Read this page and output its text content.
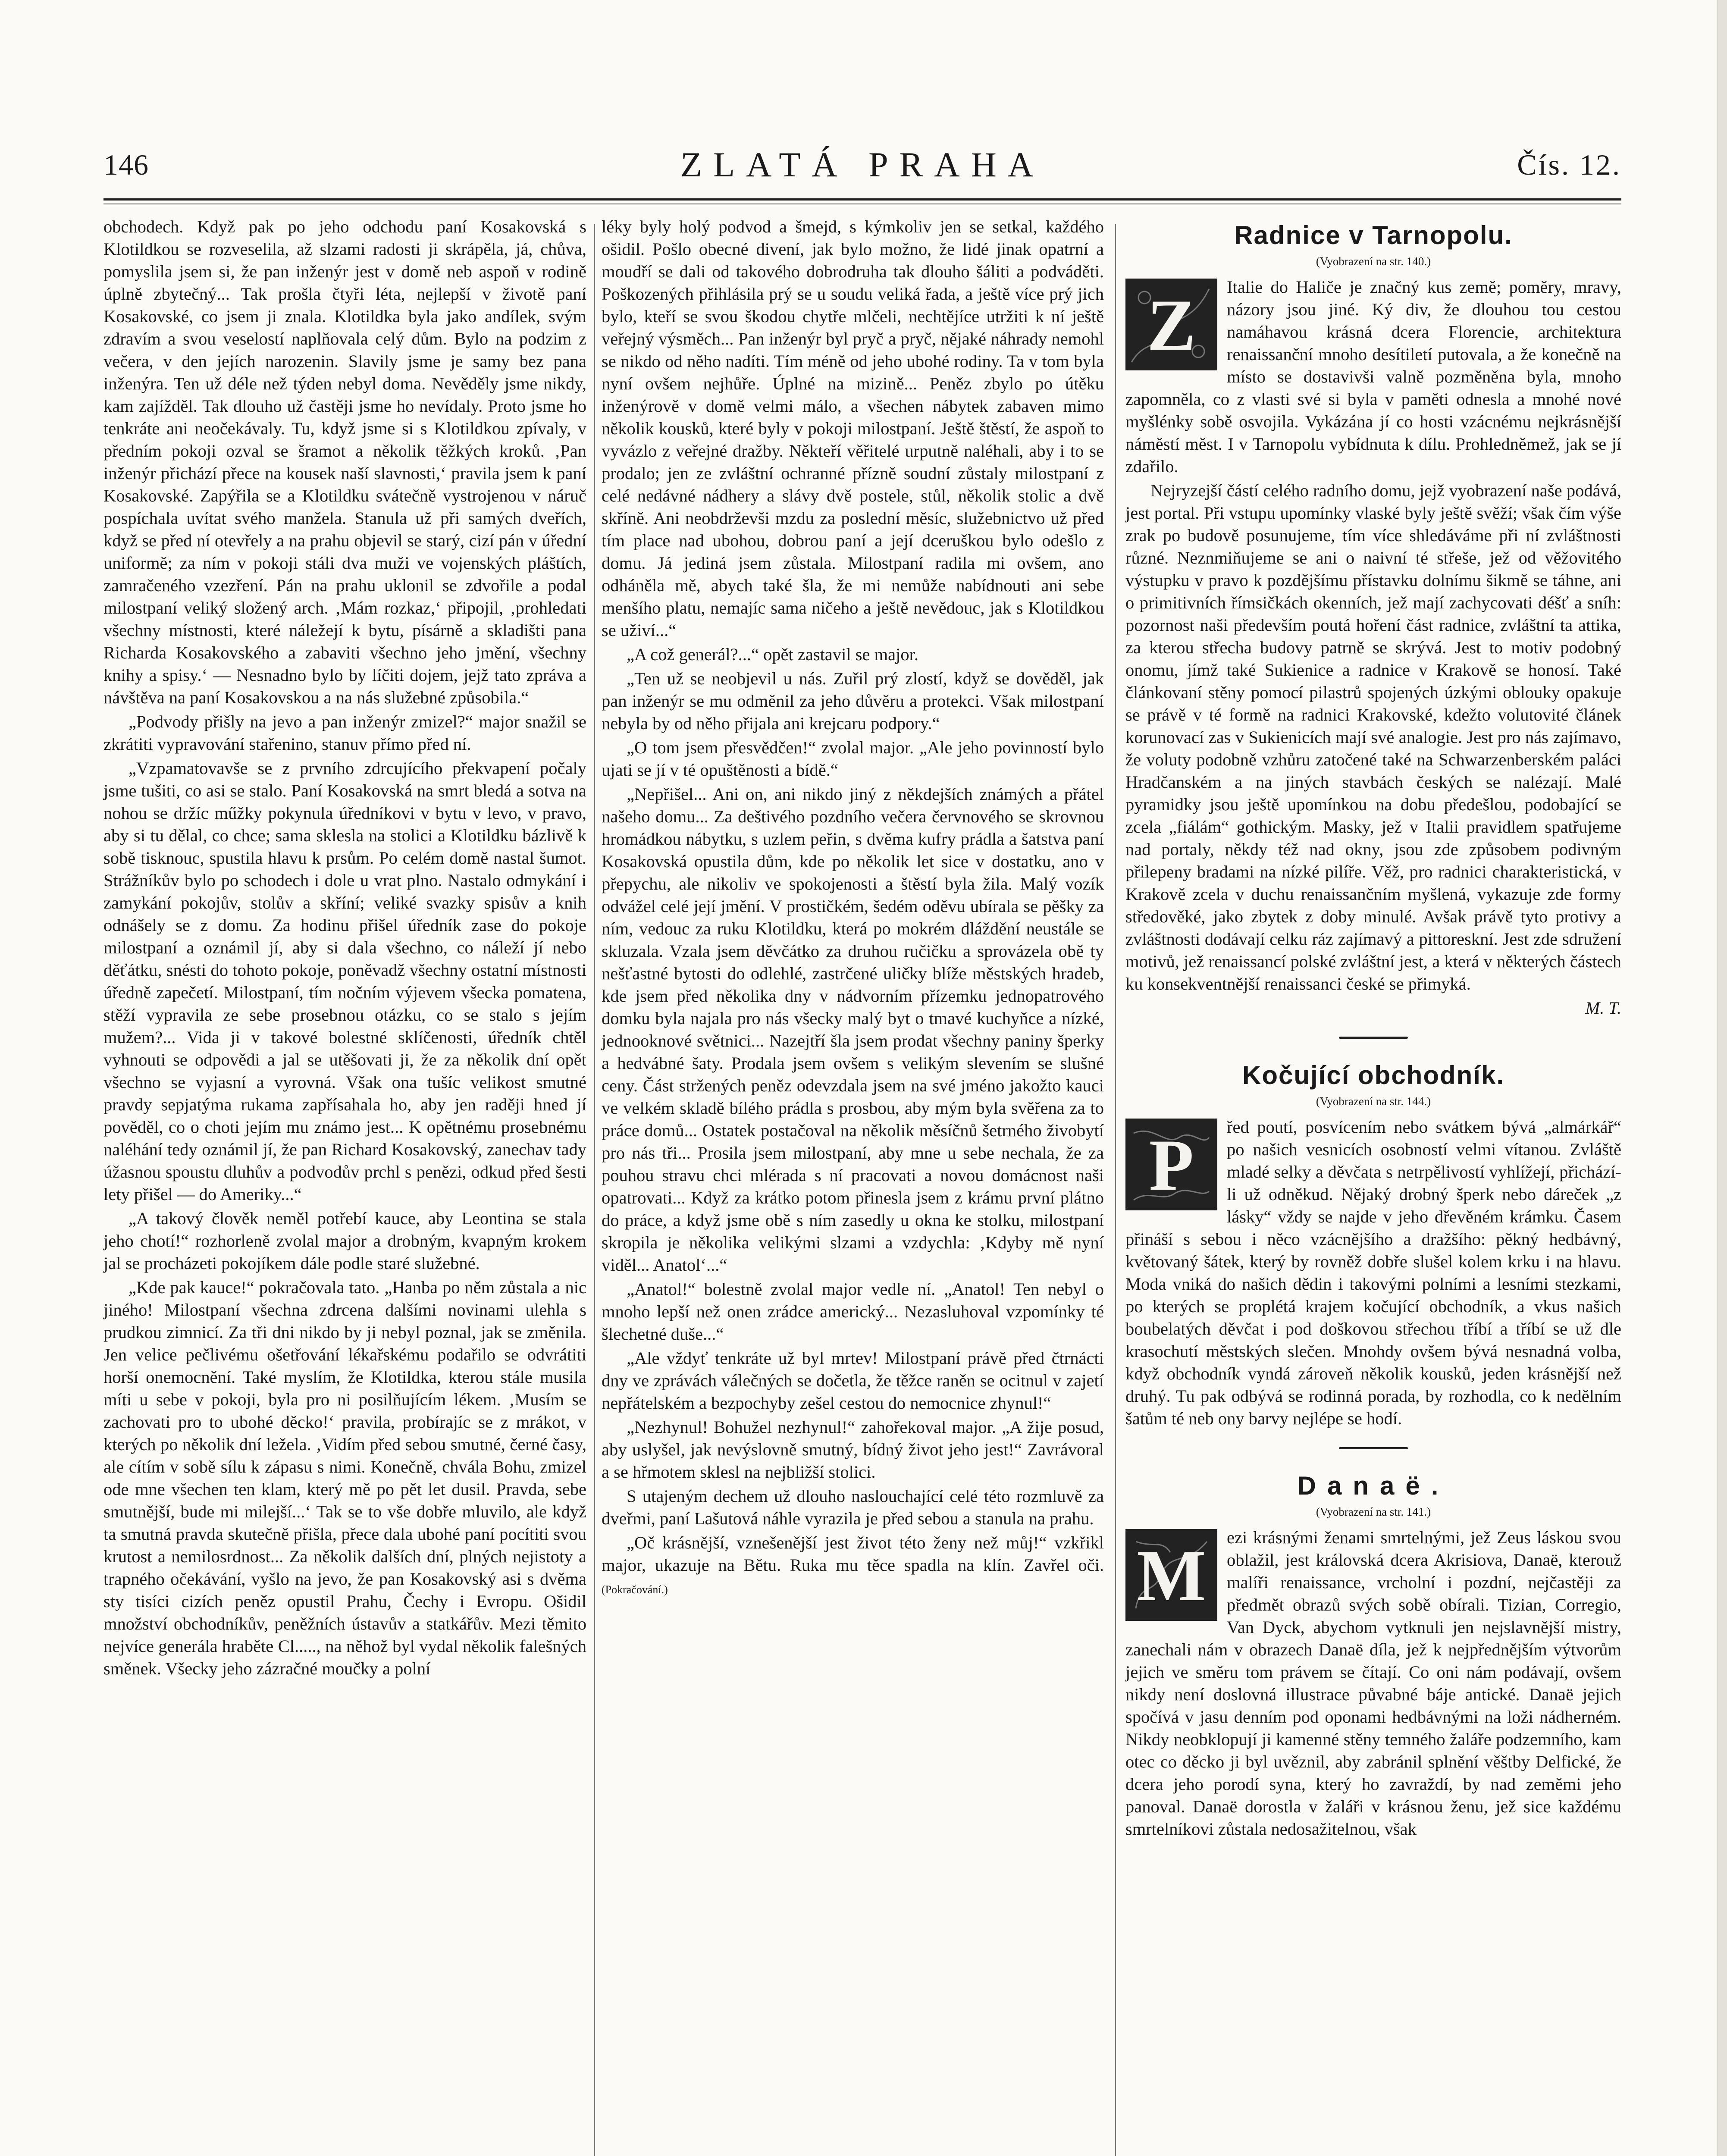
146	ZLATÁ PRAHA	Čís. 12.

obchodech. Když pak po jeho odchodu paní Kosakovská s Klotildkou se rozveselila, až slzami radosti ji skrápěla, já, chůva, pomyslila jsem si, že pan inženýr jest v domě neb aspoň v rodině úplně zbytečný... Tak prošla čtyři léta, nejlepší v životě paní Kosakovské, co jsem ji znala. Klotildka byla jako andílek, svým zdravím a svou veselostí naplňovala celý dům. Bylo na podzim z večera, v den jejích narozenin. Slavily jsme je samy bez pana inženýra. Ten už déle než týden nebyl doma. Nevěděly jsme nikdy, kam zajížděl. Tak dlouho už častěji jsme ho nevídaly. Proto jsme ho tenkráte ani neočekávaly. Tu, když jsme si s Klotildkou zpívaly, v předním pokoji ozval se šramot a několik těžkých kroků. ‚Pan inženýr přichází přece na kousek naší slavnosti,‘ pravila jsem k paní Kosakovské. Zapýřila se a Klotildku svátečně vystrojenou v náruč pospíchala uvítat svého manžela. Stanula už při samých dveřích, když se před ní otevřely a na prahu objevil se starý, cizí pán v úřední uniformě; za ním v pokoji stáli dva muži ve vojenských pláštích, zamračeného vzezření. Pán na prahu uklonil se zdvořile a podal milostpaní veliký složený arch. ‚Mám rozkaz,‘ připojil, ‚prohledati všechny místnosti, které náležejí k bytu, písárně a skladišti pana Richarda Kosakovského a zabaviti všechno jeho jmění, všechny knihy a spisy.‘ — Nesnadno bylo by líčiti dojem, jejž tato zpráva a návštěva na paní Kosakovskou a na nás služebné způsobila.“

„Podvody přišly na jevo a pan inženýr zmizel?“ major snažil se zkrátiti vypravování stařenino, stanuv přímo před ní.

„Vzpamatovavše se z prvního zdrcujícího překvapení počaly jsme tušiti, co asi se stalo. Paní Kosakovská na smrt bledá a sotva na nohou se držíc műžky pokynula úředníkovi v bytu v levo, v pravo, aby si tu dělal, co chce; sama sklesla na stolici a Klotildku bázlivě k sobě tisknouc, spustila hlavu k prsům. Po celém domě nastal šumot. Strážníkův bylo po schodech i dole u vrat plno. Nastalo odmykání i zamykání pokojův, stolův a skříní; veliké svazky spisův a knih odnášely se z domu. Za hodinu přišel úředník zase do pokoje milostpaní a oznámil jí, aby si dala všechno, co náleží jí nebo děťátku, snésti do tohoto pokoje, poněvadž všechny ostatní místnosti úředně zapečetí. Milostpaní, tím nočním výjevem všecka pomatena, stěží vypravila ze sebe prosebnou otázku, co se stalo s jejím mužem?... Vida ji v takové bolestné sklíčenosti, úředník chtěl vyhnouti se odpovědi a jal se utěšovati ji, že za několik dní opět všechno se vyjasní a vyrovná. Však ona tušíc velikost smutné pravdy sepjatýma rukama zapřísahala ho, aby jen raději hned jí pověděl, co o choti jejím mu známo jest... K opětnému prosebnému naléhání tedy oznámil jí, že pan Richard Kosakovský, zanechav tady úžasnou spoustu dluhův a podvodův prchl s penězi, odkud před šesti lety přišel — do Ameriky...“

„A takový člověk neměl potřebí kauce, aby Leontina se stala jeho chotí!“ rozhorleně zvolal major a drobným, kvapným krokem jal se procházeti pokojíkem dále podle staré služebné.

„Kde pak kauce!“ pokračovala tato. „Hanba po něm zůstala a nic jiného! Milostpaní všechna zdrcena dalšími novinami ulehla s prudkou zimnicí. Za tři dni nikdo by ji nebyl poznal, jak se změnila. Jen velice pečlivému ošetřování lékařskému podařilo se odvrátiti horší onemocnění. Také myslím, že Klotildka, kterou stále musila míti u sebe v pokoji, byla pro ni posilňujícím lékem. ‚Musím se zachovati pro to ubohé děcko!‘ pravila, probírajíc se z mrákot, v kterých po několik dní ležela. ‚Vidím před sebou smutné, černé časy, ale cítím v sobě sílu k zápasu s nimi. Konečně, chvála Bohu, zmizel ode mne všechen ten klam, který mě po pět let dusil. Pravda, sebe smutnější, bude mi milejší...‘ Tak se to vše dobře mluvilo, ale když ta smutná pravda skutečně přišla, přece dala ubohé paní pocítiti svou krutost a nemilosrdnost... Za několik dalších dní, plných nejistoty a trapného očekávání, vyšlo na jevo, že pan Kosakovský asi s dvěma sty tisíci cizích peněz opustil Prahu, Čechy i Evropu. Ošidil množství obchodníkův, peněžních ústavův a statkářův. Mezi těmito nejvíce generála hraběte Cl....., na něhož byl vydal několik falešných směnek. Všecky jeho zázračné moučky a polní

léky byly holý podvod a šmejd, s kýmkoliv jen se setkal, každého ošidil. Pošlo obecné divení, jak bylo možno, že lidé jinak opatrní a moudří se dali od takového dobrodruha tak dlouho šáliti a podváděti. Poškozených přihlásila prý se u soudu veliká řada, a ještě více prý jich bylo, kteří se svou škodou chytře mlčeli, nechtějíce utržiti k ní ještě veřejný výsměch... Pan inženýr byl pryč a pryč, nějaké náhrady nemohl se nikdo od něho nadíti. Tím méně od jeho ubohé rodiny. Ta v tom byla nyní ovšem nejhůře. Úplné na mizině... Peněz zbylo po útěku inženýrově v domě velmi málo, a všechen nábytek zabaven mimo několik kousků, které byly v pokoji milostpaní. Ještě štěstí, že aspoň to vyvázlo z veřejné dražby. Někteří věřitelé urputně naléhali, aby i to se prodalo; jen ze zvláštní ochranné přízně soudní zůstaly milostpaní z celé nedávné nádhery a slávy dvě postele, stůl, několik stolic a dvě skříně. Ani neobdrževši mzdu za poslední měsíc, služebnictvo už před tím place nad ubohou, dobrou paní a její dceruškou bylo odešlo z domu. Já jediná jsem zůstala. Milostpaní radila mi ovšem, ano odháněla mě, abych také šla, že mi nemůže nabídnouti ani sebe menšího platu, nemajíc sama ničeho a ještě nevědouc, jak s Klotildkou se uživí...“

„A což generál?...“ opět zastavil se major.

„Ten už se neobjevil u nás. Zuřil prý zlostí, když se dověděl, jak pan inženýr se mu odměnil za jeho důvěru a protekci. Však milostpaní nebyla by od něho přijala ani krejcaru podpory.“

„O tom jsem přesvědčen!“ zvolal major. „Ale jeho povinností bylo ujati se jí v té opuštěnosti a bídě.“

„Nepřišel... Ani on, ani nikdo jiný z někdejších známých a přátel našeho domu... Za deštivého pozdního večera červnového se skrovnou hromádkou nábytku, s uzlem peřin, s dvěma kufry prádla a šatstva paní Kosakovská opustila dům, kde po několik let sice v dostatku, ano v přepychu, ale nikoliv ve spokojenosti a štěstí byla žila. Malý vozík odvážel celé její jmění. V prostičkém, šedém oděvu ubírala se pěšky za ním, vedouc za ruku Klotildku, která po mokrém dláždění neustále se skluzala. Vzala jsem děvčátko za druhou ručičku a sprovázela obě ty nešťastné bytosti do odlehlé, zastrčené uličky blíže městských hradeb, kde jsem před několika dny v nádvorním přízemku jednopatrového domku byla najala pro nás všecky malý byt o tmavé kuchyňce a nízké, jednooknové světnici... Nazejtří šla jsem prodat všechny paniny šperky a hedvábné šaty. Prodala jsem ovšem s velikým slevením se slušné ceny. Část stržených peněz odevzdala jsem na své jméno jakožto kauci ve velkém skladě bílého prádla s prosbou, aby mým byla svěřena za to práce domů... Ostatek postačoval na několik měsíčnů šetrného živobytí pro nás tři... Prosila jsem milostpaní, aby mne u sebe nechala, že za pouhou stravu chci mlérada s ní pracovati a novou domácnost naši opatrovati... Když za krátko potom přinesla jsem z krámu první plátno do práce, a když jsme obě s ním zasedly u okna ke stolku, milostpaní skropila je několika velikými slzami a vzdychla: ‚Kdyby mě nyní viděl... Anatol‘...“

„Anatol!“ bolestně zvolal major vedle ní. „Anatol! Ten nebyl o mnoho lepší než onen zrádce americký... Nezasluhoval vzpomínky té šlechetné duše...“

„Ale vždyť tenkráte už byl mrtev! Milostpaní právě před čtrnácti dny ve zprávách válečných se dočetla, že těžce raněn se ocitnul v zajetí nepřátelském a bezpochyby zešel cestou do nemocnice zhynul!“

„Nezhynul! Bohužel nezhynul!“ zahořekoval major. „A žije posud, aby uslyšel, jak nevýslovně smutný, bídný život jeho jest!“ Zavrávoral a se hřmotem sklesl na nejbližší stolici.

S utajeným dechem už dlouho naslouchající celé této rozmluvě za dveřmi, paní Lašutová náhle vyrazila je před sebou a stanula na prahu.

„Oč krásnější, vznešenější jest život této ženy než můj!“ vzkřikl major, ukazuje na Bětu. Ruka mu těce spadla na klín. Zavřel oči. (Pokračování.)

Radnice v Tarnopolu.
(Vyobrazení na str. 140.)
Z	Italie do Haliče je značný kus země; poměry, mravy, názory jsou jiné. Ký div, že dlouhou tou cestou namáhavou krásná dcera Florencie, architektura renaissanční mnoho desítiletí putovala, a že konečně na místo se dostavivši valně pozměněna byla, mnoho zapomněla, co z vlasti své si byla v paměti odnesla a mnohé nové myšlénky sobě osvojila. Vykázána jí co hosti vzácnému nejkrásnější náměstí měst. I v Tarnopolu vybídnuta k dílu. Prohledněmež, jak se jí zdařilo.

Nejryzejší částí celého radního domu, jejž vyobrazení naše podává, jest portal. Při vstupu upomínky vlaské byly ještě svěží; však čím výše zrak po budově posunujeme, tím více shledáváme při ní zvláštnosti různé. Neznmiňujeme se ani o naivní té střeše, jež od věžovitého výstupku v pravo k pozdějšímu přístavku dolnímu šikmě se táhne, ani o primitivních římsičkách okenních, jež mají zachycovati déšť a sníh: pozornost naši především poutá hoření část radnice, zvláštní ta attika, za kterou střecha budovy patrně se skrývá. Jest to motiv podobný onomu, jímž také Sukienice a radnice v Krakově se honosí. Také článkovaní stěny pomocí pilastrů spojených úzkými oblouky opakuje se právě v té formě na radnici Krakovské, kdežto volutovité článek korunovací zas v Sukienicích mají své analogie. Jest pro nás zajímavo, že voluty podobně vzhůru zatočené také na Schwarzenberském paláci Hradčanském a na jiných stavbách českých se nalézají. Malé pyramidky jsou ještě upomínkou na dobu předešlou, podobající se zcela „fiálám“ gothickým. Masky, jež v Italii pravidlem spatřujeme nad portaly, někdy též nad okny, jsou zde způsobem podivným přilepeny bradami na nízké pilíře. Věž, pro radnici charakteristická, v Krakově zcela v duchu renaissančním myšlená, vykazuje zde formy středověké, jako zbytek z doby minulé. Avšak právě tyto protivy a zvláštnosti dodávají celku ráz zajímavý a pittoreskní. Jest zde sdružení motivů, jež renaissancí polské zvláštní jest, a která v některých částech ku konsekventnější renaissanci české se přimyká.

M. T.

Kočující obchodník.
(Vyobrazení na str. 144.)
P	řed poutí, posvícením nebo svátkem bývá „almárkář“ po našich vesnicích osobností velmi vítanou. Zvláště mladé selky a děvčata s netrpělivostí vyhlížejí, přichází-li už odněkud. Nějaký drobný šperk nebo dáreček „z lásky“ vždy se najde v jeho dřevěném krámku. Časem přináší s sebou i něco vzácnějšího a dražšího: pěkný hedbávný, květovaný šátek, který by rovněž dobře slušel kolem krku i na hlavu. Moda vniká do našich dědin i takovými polními a lesními stezkami, po kterých se proplétá krajem kočující obchodník, a vkus našich boubelatých děvčat i pod doškovou střechou tříbí a tříbí se už dle krasochutí městských slečen. Mnohdy ovšem bývá nesnadná volba, když obchodník vyndá zároveň několik kousků, jeden krásnější než druhý. Tu pak odbývá se rodinná porada, by rozhodla, co k nedělním šatům té neb ony barvy nejlépe se hodí.

Danaë.
(Vyobrazení na str. 141.)
M	ezi krásnými ženami smrtelnými, jež Zeus láskou svou oblažil, jest královská dcera Akrisiova, Danaë, kterouž malíři renaissance, vrcholní i pozdní, nejčastěji za předmět obrazů svých sobě obírali. Tizian, Corregio, Van Dyck, abychom vytknuli jen nejslavnější mistry, zanechali nám v obrazech Danaë díla, jež k nejpřednějším výtvorům jejich ve směru tom právem se čítají. Co oni nám podávají, ovšem nikdy není doslovná illustrace půvabné báje antické. Danaë jejich spočívá v jasu denním pod oponami hedbávnými na loži nádherném. Nikdy neobklopují ji kamenné stěny temného žaláře podzemního, kam otec co děcko ji byl uvěznil, aby zabránil splnění věštby Delfické, že dcera jeho porodí syna, který ho zavraždí, by nad zeměmi jeho panoval. Danaë dorostla v žaláři v krásnou ženu, jež sice každému smrtelníkovi zůstala nedosažitelnou, však
